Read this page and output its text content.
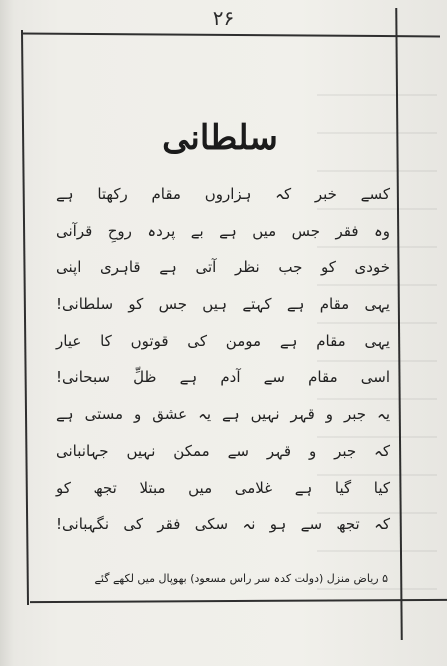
۲۶
سلطانی
کسے خبر کہ ہزاروں مقام رکھتا ہے
وہ فقر جس میں ہے بے پردہ روحِ قرآنی
خودی کو جب نظر آتی ہے قاہری اپنی
یہی مقام ہے کہتے ہیں جس کو سلطانی!
یہی مقام ہے مومن کی قوتوں کا عیار
اسی مقام سے آدم ہے ظلِّ سبحانی!
یہ جبر و قہر نہیں ہے یہ عشق و مستی ہے
کہ جبر و قہر سے ممکن نہیں جہانبانی
کیا گیا ہے غلامی میں مبتلا تجھ کو
کہ تجھ سے ہو نہ سکی فقر کی نگہبانی!
۵ ریاض منزل (دولت کدہ سر راس مسعود) بھوپال میں لکھے گئے
